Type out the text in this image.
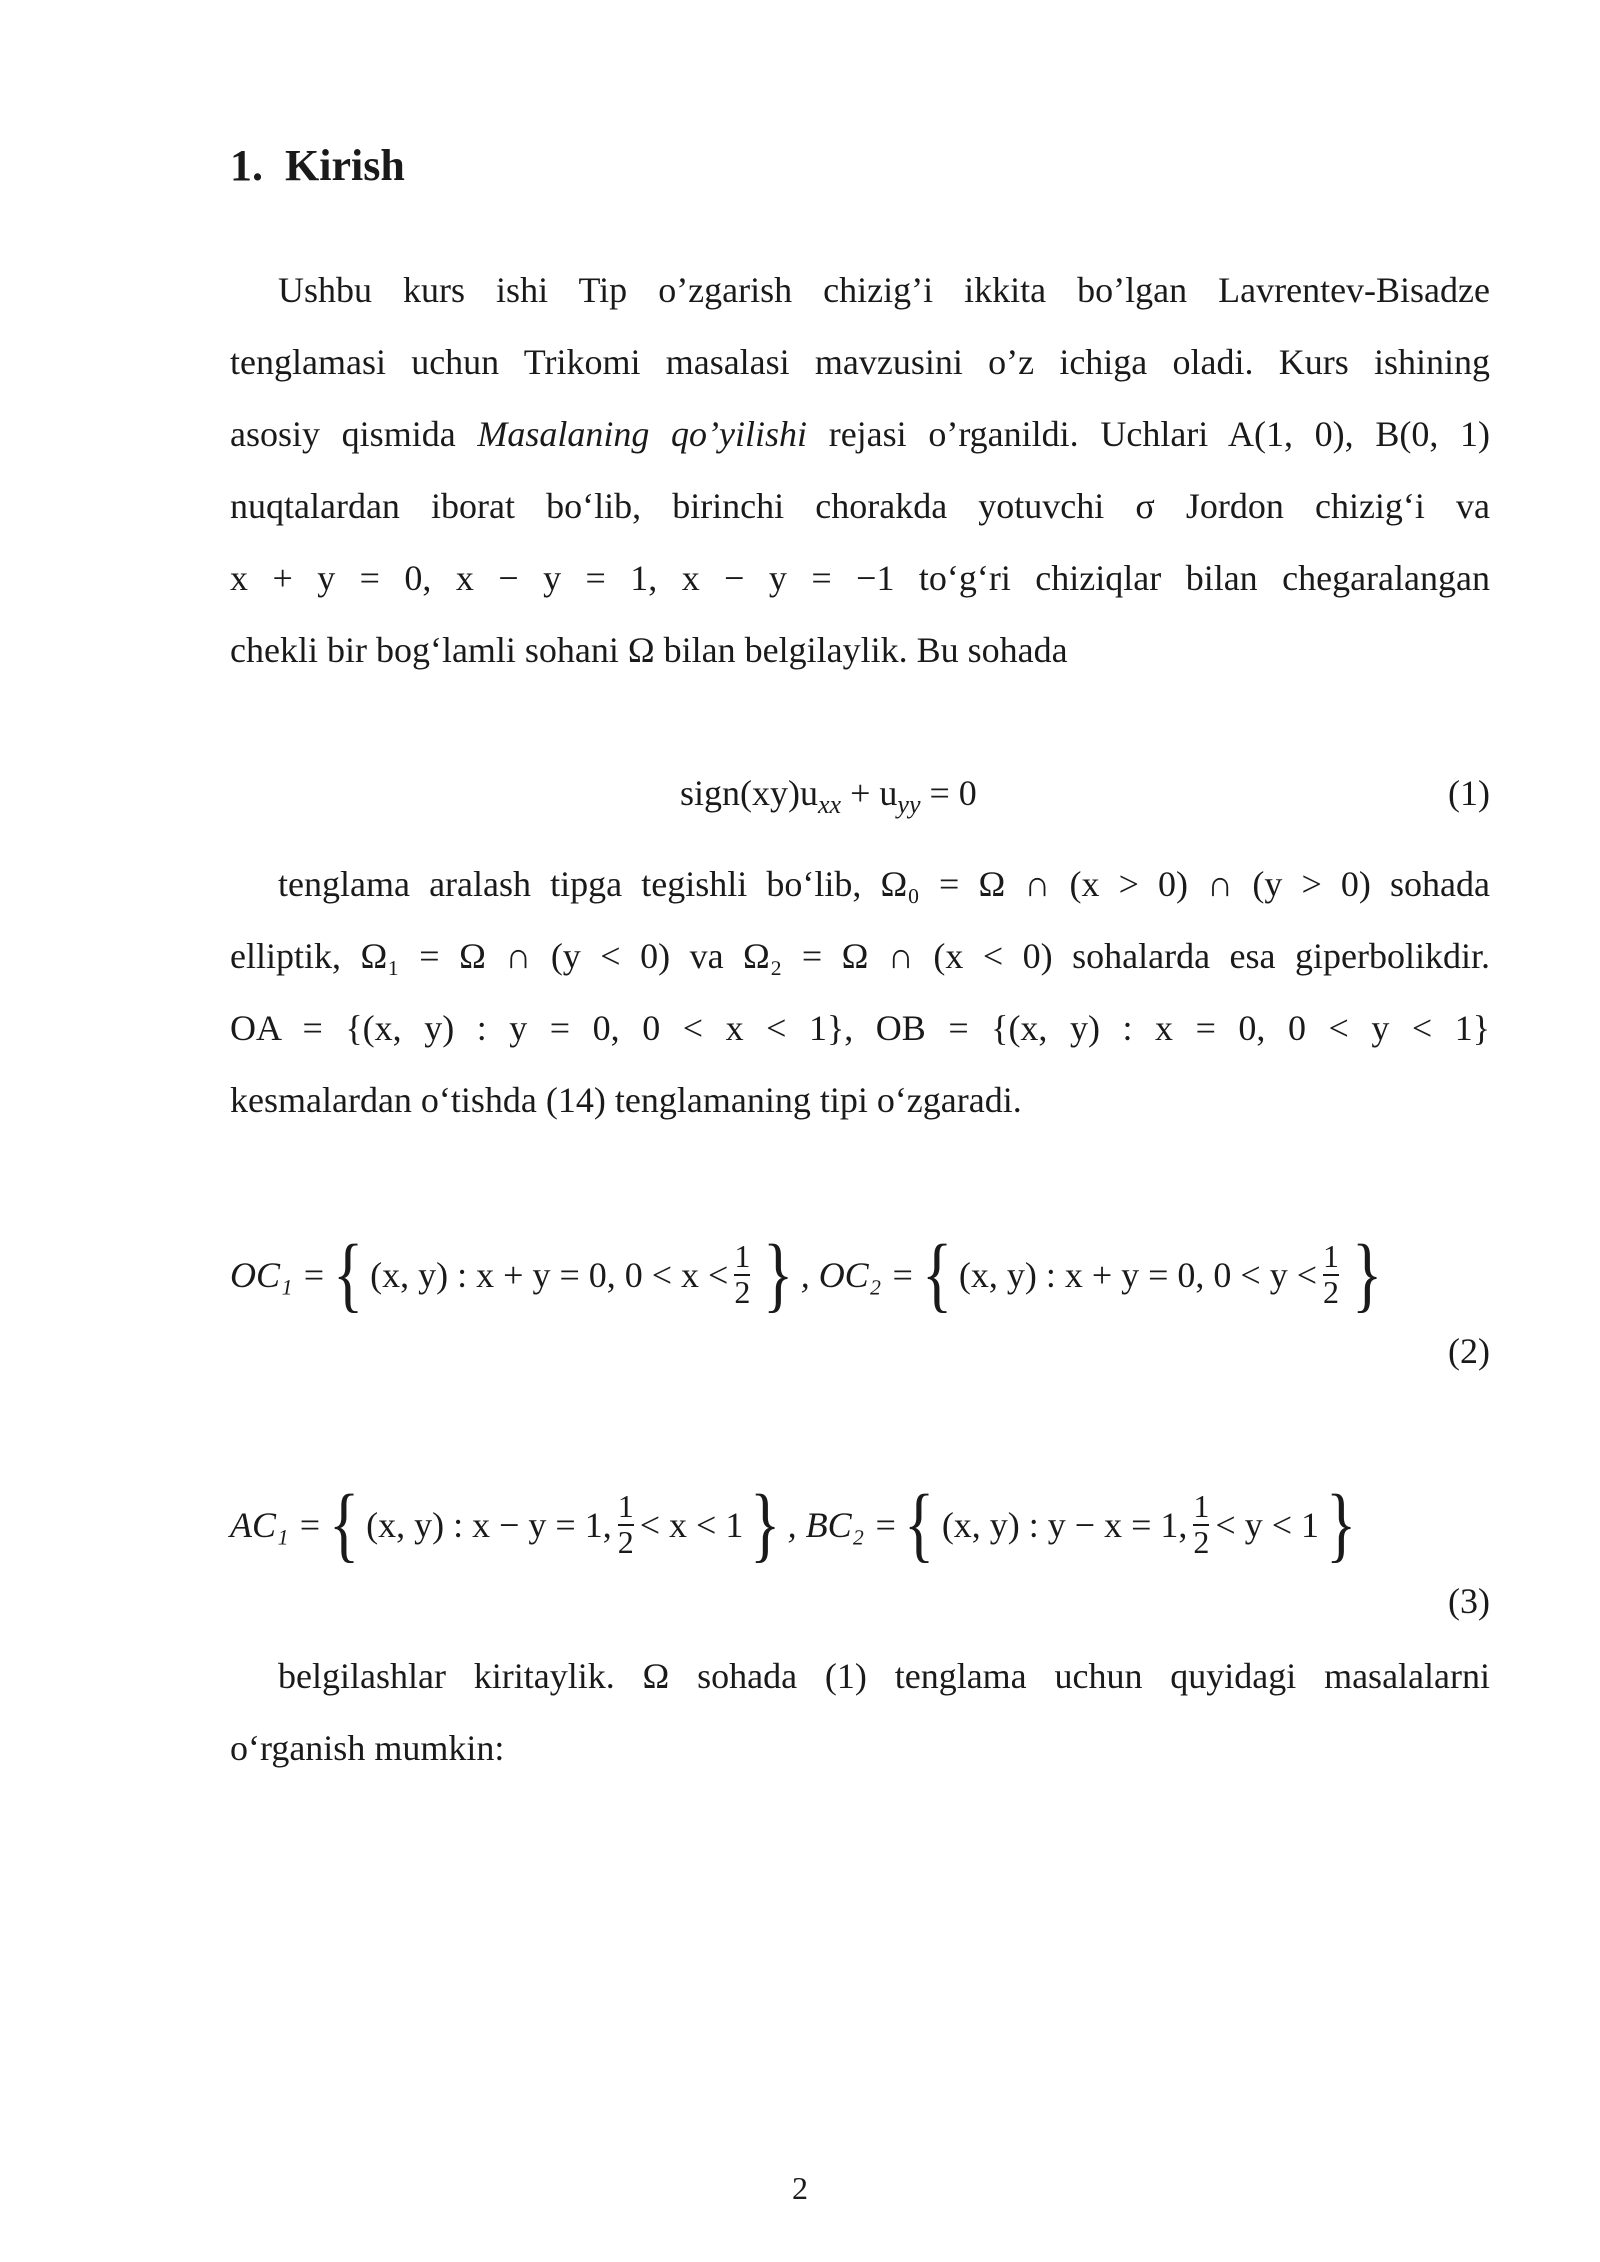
1. Kirish

Ushbu kurs ishi Tip o’zgarish chizig’i ikkita bo’lgan Lavrentev-Bisadze
tenglamasi uchun Trikomi masalasi mavzusini o’z ichiga oladi. Kurs ishining
asosiy qismida Masalaning qo’yilishi rejasi o’rganildi. Uchlari A(1, 0), B(0, 1)
nuqtalardan iborat bo‘lib, birinchi chorakda yotuvchi σ Jordon chizig‘i va
x + y = 0, x − y = 1, x − y = −1 to‘g‘ri chiziqlar bilan chegaralangan
chekli bir bog‘lamli sohani Ω bilan belgilaylik. Bu sohada

$sign(xy)u_{xx} + u_{yy} = 0$	(1)

tenglama aralash tipga tegishli bo‘lib, Ω₀ = Ω ∩ (x > 0) ∩ (y > 0) sohada
elliptik, Ω₁ = Ω ∩ (y < 0) va Ω₂ = Ω ∩ (x < 0) sohalarda esa giperbolikdir.
OA = {(x, y) : y = 0, 0 < x < 1}, OB = {(x, y) : x = 0, 0 < y < 1}
kesmalardan o‘tishda (14) tenglamaning tipi o‘zgaradi.

OC₁ = { (x, y) : x + y = 0, $0 < x < \frac{1}{2}$ } , OC₂ = { (x, y) : x + y = 0, $0 < y < \frac{1}{2}$ }
(2)
AC₁ = { (x, y) : x − y = 1, $\frac{1}{2} < x < 1$ } , BC₂ = { (x, y) : y − x = 1, $\frac{1}{2} < y < 1$ }
(3)

belgilashlar kiritaylik. Ω sohada (1) tenglama uchun quyidagi masalalarni
o‘rganish mumkin:

2
